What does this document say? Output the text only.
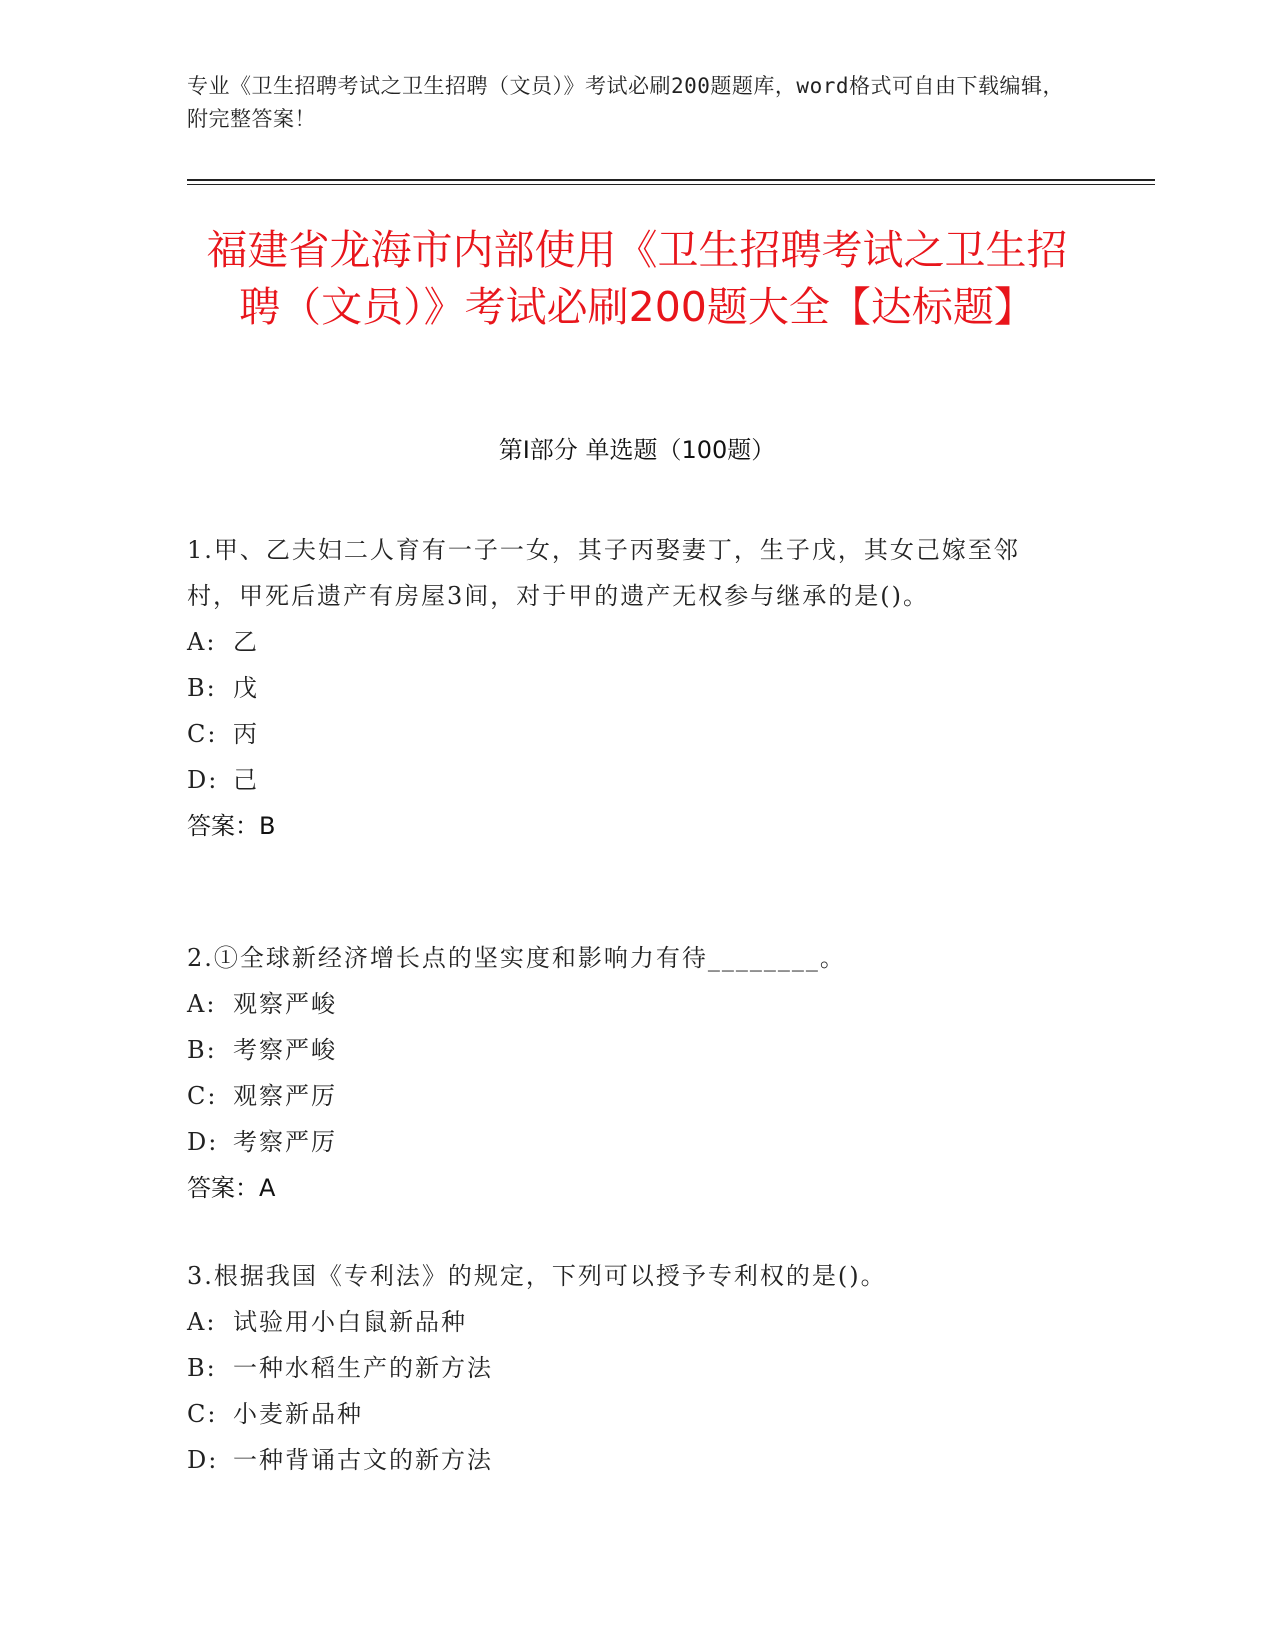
专业《卫生招聘考试之卫生招聘（文员）》考试必刷200题题库，word格式可自由下载编辑，附完整答案！
福建省龙海市内部使用《卫生招聘考试之卫生招聘（文员）》考试必刷200题大全【达标题】
第Ⅰ部分 单选题（100题）

1.甲、乙夫妇二人育有一子一女，其子丙娶妻丁，生子戊，其女己嫁至邻村，甲死后遗产有房屋3间，对于甲的遗产无权参与继承的是()。

A: 乙

B: 戊

C: 丙

D: 己

答案：B

2.①全球新经济增长点的坚实度和影响力有待________。

A: 观察严峻

B: 考察严峻

C: 观察严厉

D: 考察严厉

答案：A

3.根据我国《专利法》的规定，下列可以授予专利权的是()。

A: 试验用小白鼠新品种

B: 一种水稻生产的新方法

C: 小麦新品种

D: 一种背诵古文的新方法
